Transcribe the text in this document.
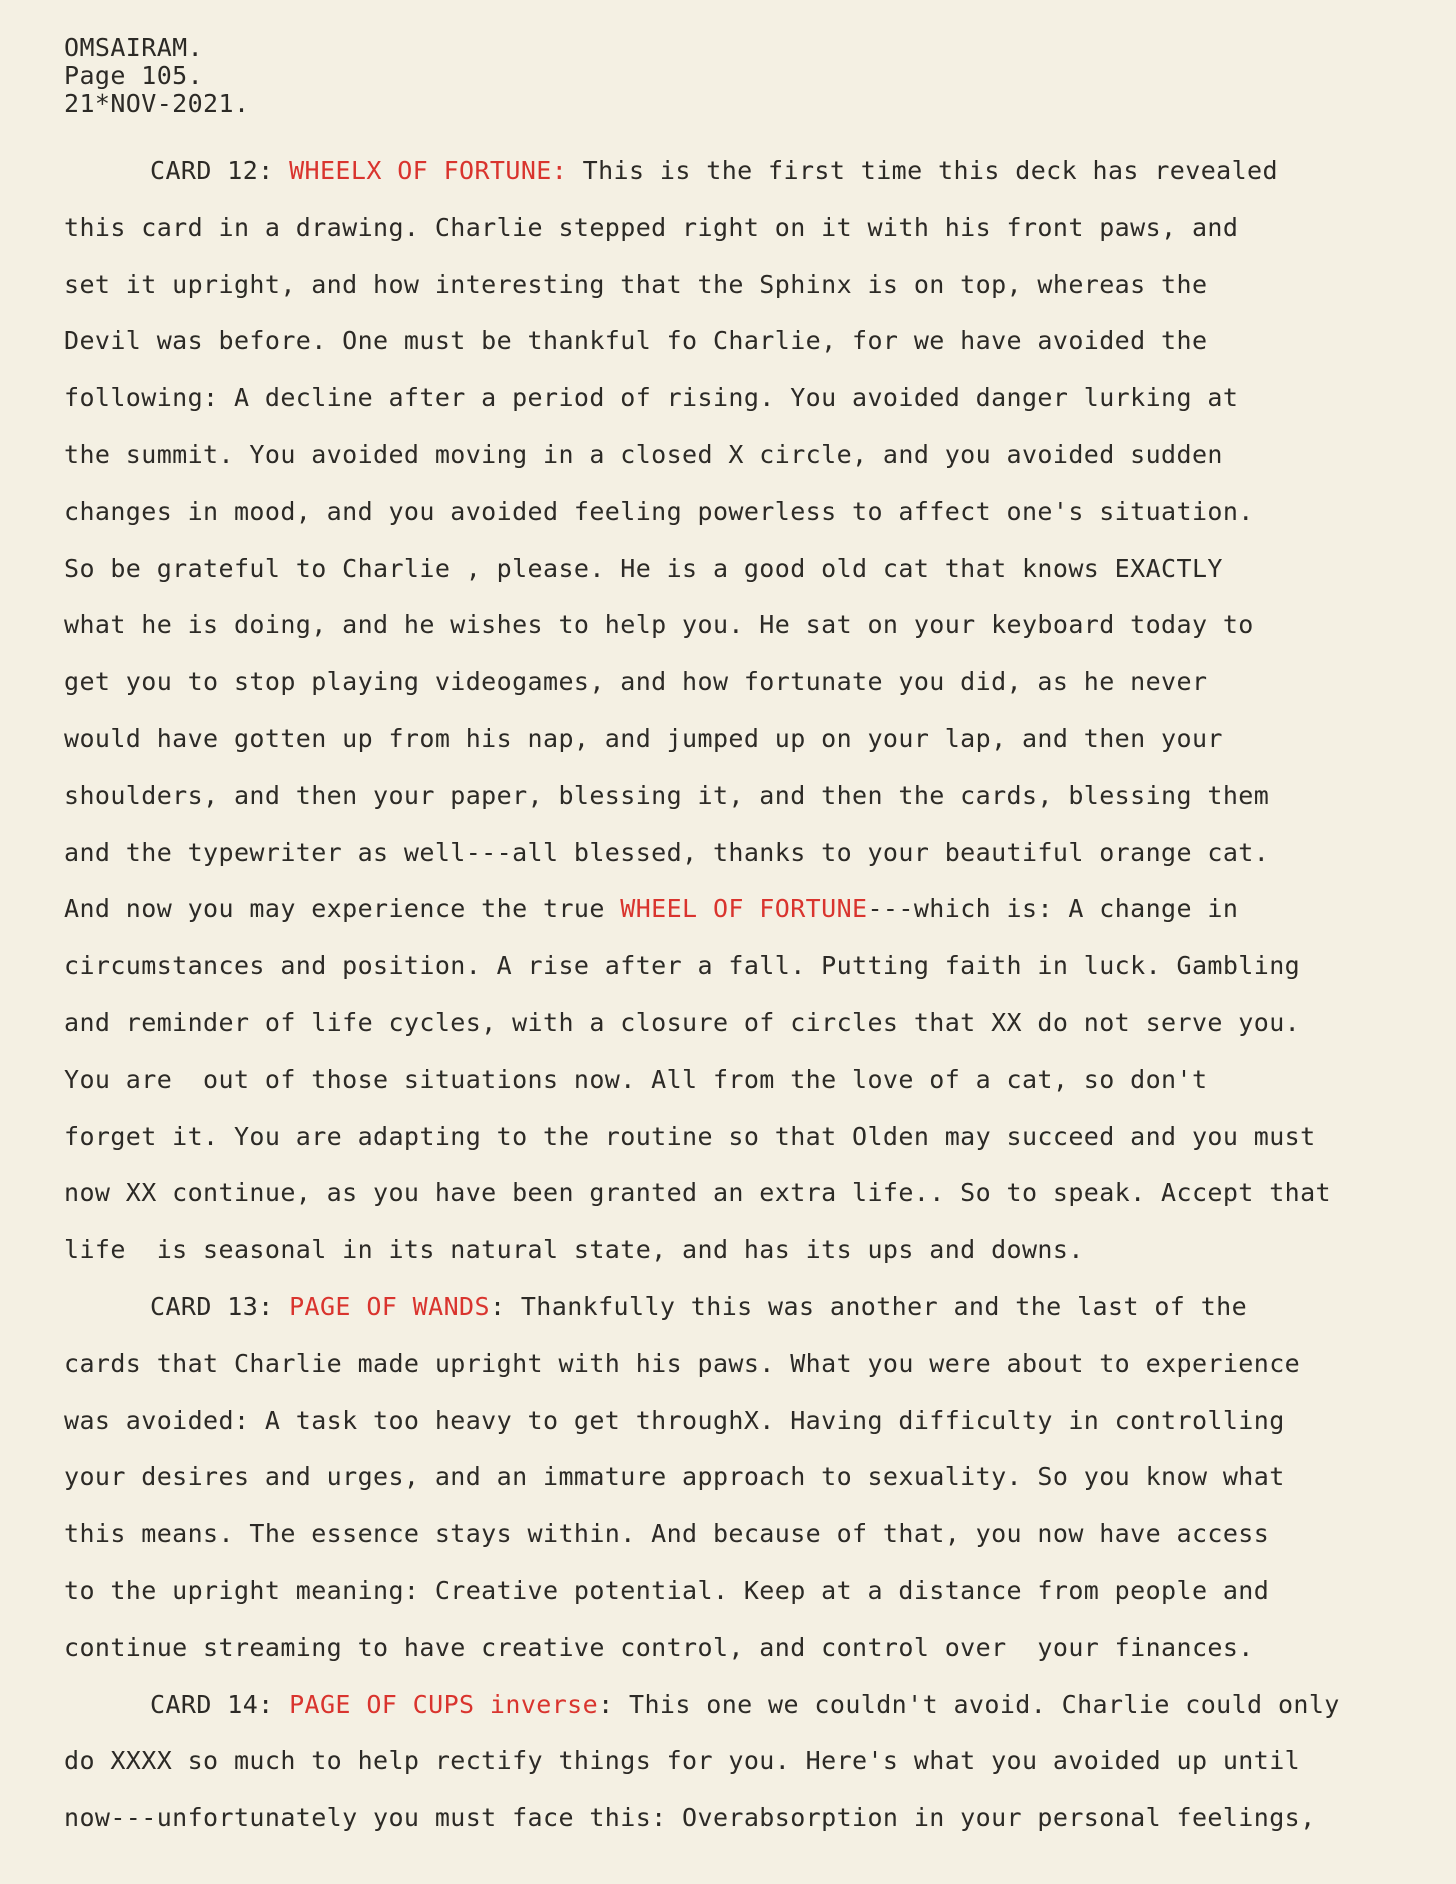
OMSAIRAM.
Page 105.
21*NOV-2021.
CARD 12: WHEELX OF FORTUNE: This is the first time this deck has revealed
this card in a drawing. Charlie stepped right on it with his front paws, and
set it upright, and how interesting that the Sphinx is on top, whereas the
Devil was before. One must be thankful fo Charlie, for we have avoided the
following: A decline after a period of rising. You avoided danger lurking at
the summit. You avoided moving in a closed X circle, and you avoided sudden
changes in mood, and you avoided feeling powerless to affect one's situation.
So be grateful to Charlie , please. He is a good old cat that knows EXACTLY
what he is doing, and he wishes to help you. He sat on your keyboard today to
get you to stop playing videogames, and how fortunate you did, as he never
would have gotten up from his nap, and jumped up on your lap, and then your
shoulders, and then your paper, blessing it, and then the cards, blessing them
and the typewriter as well---all blessed, thanks to your beautiful orange cat.
And now you may experience the true WHEEL OF FORTUNE---which is: A change in
circumstances and position. A rise after a fall. Putting faith in luck. Gambling
and reminder of life cycles, with a closure of circles that XX do not serve you.
You are  out of those situations now. All from the love of a cat, so don't
forget it. You are adapting to the routine so that Olden may succeed and you must
now XX continue, as you have been granted an extra life.. So to speak. Accept that
life  is seasonal in its natural state, and has its ups and downs.
CARD 13: PAGE OF WANDS: Thankfully this was another and the last of the
cards that Charlie made upright with his paws. What you were about to experience
was avoided: A task too heavy to get throughX. Having difficulty in controlling
your desires and urges, and an immature approach to sexuality. So you know what
this means. The essence stays within. And because of that, you now have access
to the upright meaning: Creative potential. Keep at a distance from people and
continue streaming to have creative control, and control over  your finances.
CARD 14: PAGE OF CUPS inverse: This one we couldn't avoid. Charlie could only
do XXXX so much to help rectify things for you. Here's what you avoided up until
now---unfortunately you must face this: Overabsorption in your personal feelings,
